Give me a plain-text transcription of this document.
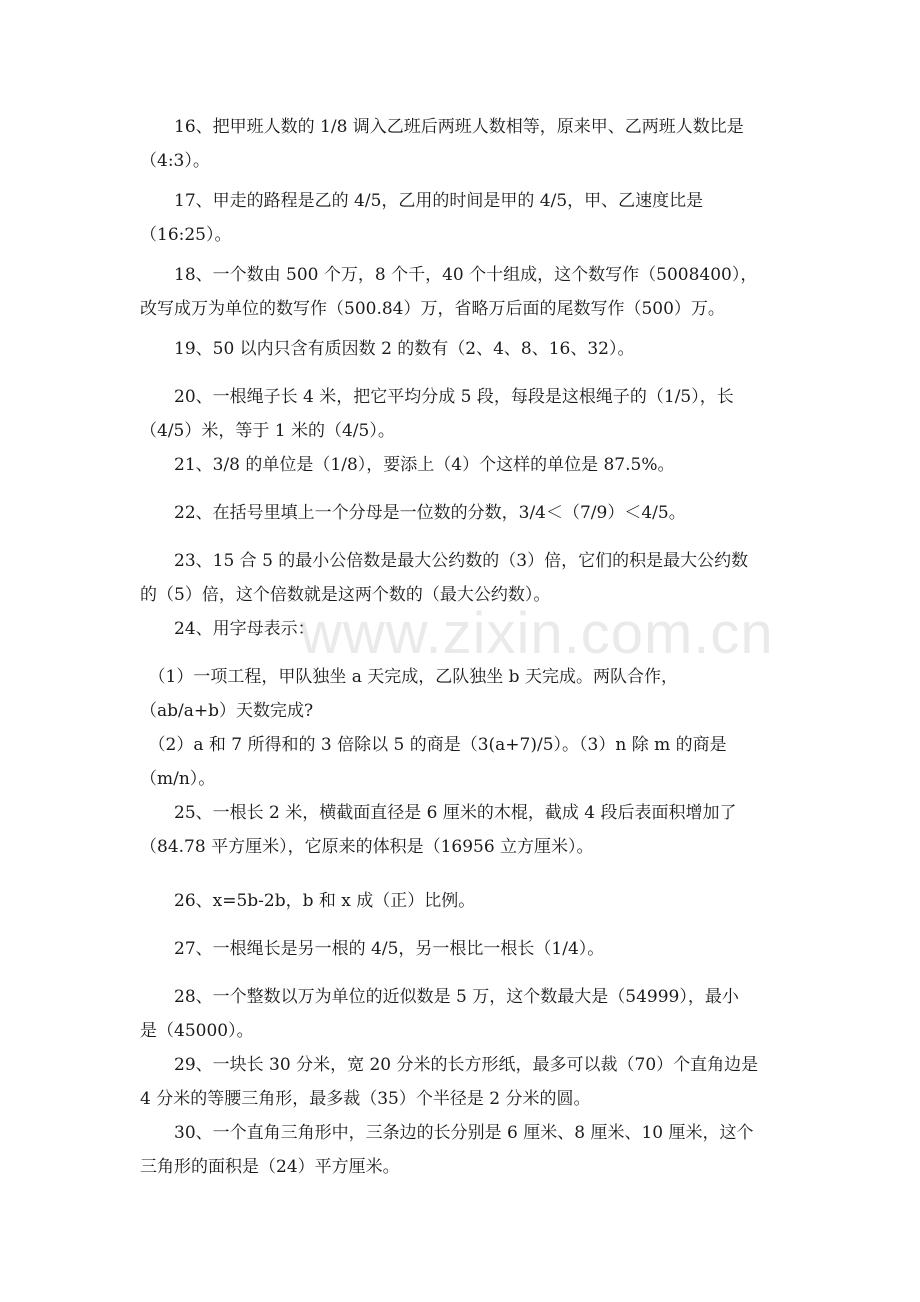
www.zixin.com.cn
　　16、把甲班人数的 1/8 调入乙班后两班人数相等，原来甲、乙两班人数比是
（4:3）。
　　17、甲走的路程是乙的 4/5，乙用的时间是甲的 4/5，甲、乙速度比是
（16:25）。
　　18、一个数由 500 个万，8 个千，40 个十组成，这个数写作（5008400），
改写成万为单位的数写作（500.84）万，省略万后面的尾数写作（500）万。
　　19、50 以内只含有质因数 2 的数有（2、4、8、16、32）。
　　20、一根绳子长 4 米，把它平均分成 5 段，每段是这根绳子的（1/5），长
（4/5）米，等于 1 米的（4/5）。
　　21、3/8 的单位是（1/8），要添上（4）个这样的单位是 87.5%。
　　22、在括号里填上一个分母是一位数的分数，3/4＜（7/9）＜4/5。
　　23、15 合 5 的最小公倍数是最大公约数的（3）倍，它们的积是最大公约数
的（5）倍，这个倍数就是这两个数的（最大公约数）。
　　24、用字母表示：
　（1）一项工程，甲队独坐 a 天完成，乙队独坐 b 天完成。两队合作，
（ab/a+b）天数完成?
　（2）a 和 7 所得和的 3 倍除以 5 的商是（3(a+7)/5）。（3）n 除 m 的商是
（m/n）。
　　25、一根长 2 米，横截面直径是 6 厘米的木棍，截成 4 段后表面积增加了
（84.78 平方厘米），它原来的体积是（16956 立方厘米）。
　　26、x=5b-2b，b 和 x 成（正）比例。
　　27、一根绳长是另一根的 4/5，另一根比一根长（1/4）。
　　28、一个整数以万为单位的近似数是 5 万，这个数最大是（54999），最小
是（45000）。
　　29、一块长 30 分米，宽 20 分米的长方形纸，最多可以裁（70）个直角边是
4 分米的等腰三角形，最多裁（35）个半径是 2 分米的圆。
　　30、一个直角三角形中，三条边的长分别是 6 厘米、8 厘米、10 厘米，这个
三角形的面积是（24）平方厘米。
